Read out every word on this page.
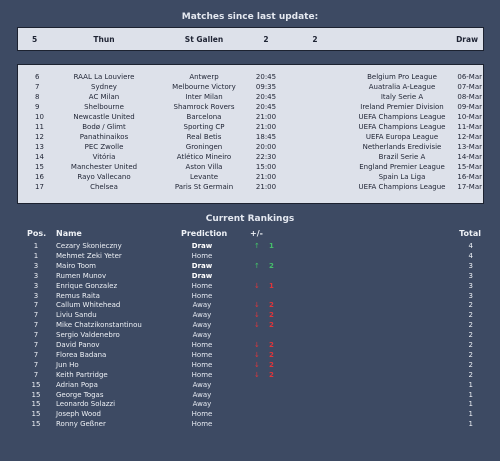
Matches since last update:
5	Thun	St Gallen	2	2	Draw
6	RAAL La Louviere	Antwerp	20:45	Belgium Pro League	06-Mar
7	Sydney	Melbourne Victory	09:35	Auatralia A-League	07-Mar
8	AC Milan	Inter Milan	20:45	Italy Serie A	08-Mar
9	Shelbourne	Shamrock Rovers	20:45	Ireland Premier Division 09-Mar
10	Newcastle United	Barcelona	21:00	UEFA Champions League 10-Mar
11	Bodø / Glimt	Sporting CP	21:00	UEFA Champions League 11-Mar
12	Panathinaikos	Real Betis	18:45	UEFA Europa League	12-Mar
13	PEC Zwolle	Groningen	20:00	Netherlands Eredivisie 13-Mar
14	Vitória	Atlético Mineiro	22:30	Brazil Serie A	14-Mar
15	Manchester United	Aston Villa	15:00	England Premier League 15-Mar
16	Rayo Vallecano	Levante	21:00	Spain La Liga	16-Mar
17	Chelsea	Paris St Germain	21:00	UEFA Champions League 17-Mar
Current Rankings
Pos. Name	Prediction	+/-	Total
1	Cezary Skonieczny	Draw	↑ 1	4
1	Mehmet Zeki Yeter	Home	4
3	Mairo Toom	Draw	↑ 2	3
3	Rumen Munov	Draw	3
3	Enrique Gonzalez	Home	↓ 1	3
3	Remus Raita	Home	3
7	Callum Whitehead	Away	↓ 2	2
7	Liviu Sandu	Away	↓ 2	2
7	Mike Chatzikonstantinou	Away	↓ 2	2
7	Sergio Valdenebro	Away	2
7	David Panov	Home	↓ 2	2
7	Florea Badana	Home	↓ 2	2
7	Jun Ho	Home	↓ 2	2
7	Keith Partridge	Home	↓ 2	2
15 Adrian Popa	Away	1
15 George Togas	Away	1
15 Leonardo Solazzi	Away	1
15 Joseph Wood	Home	1
15 Ronny Geßner	Home	1
